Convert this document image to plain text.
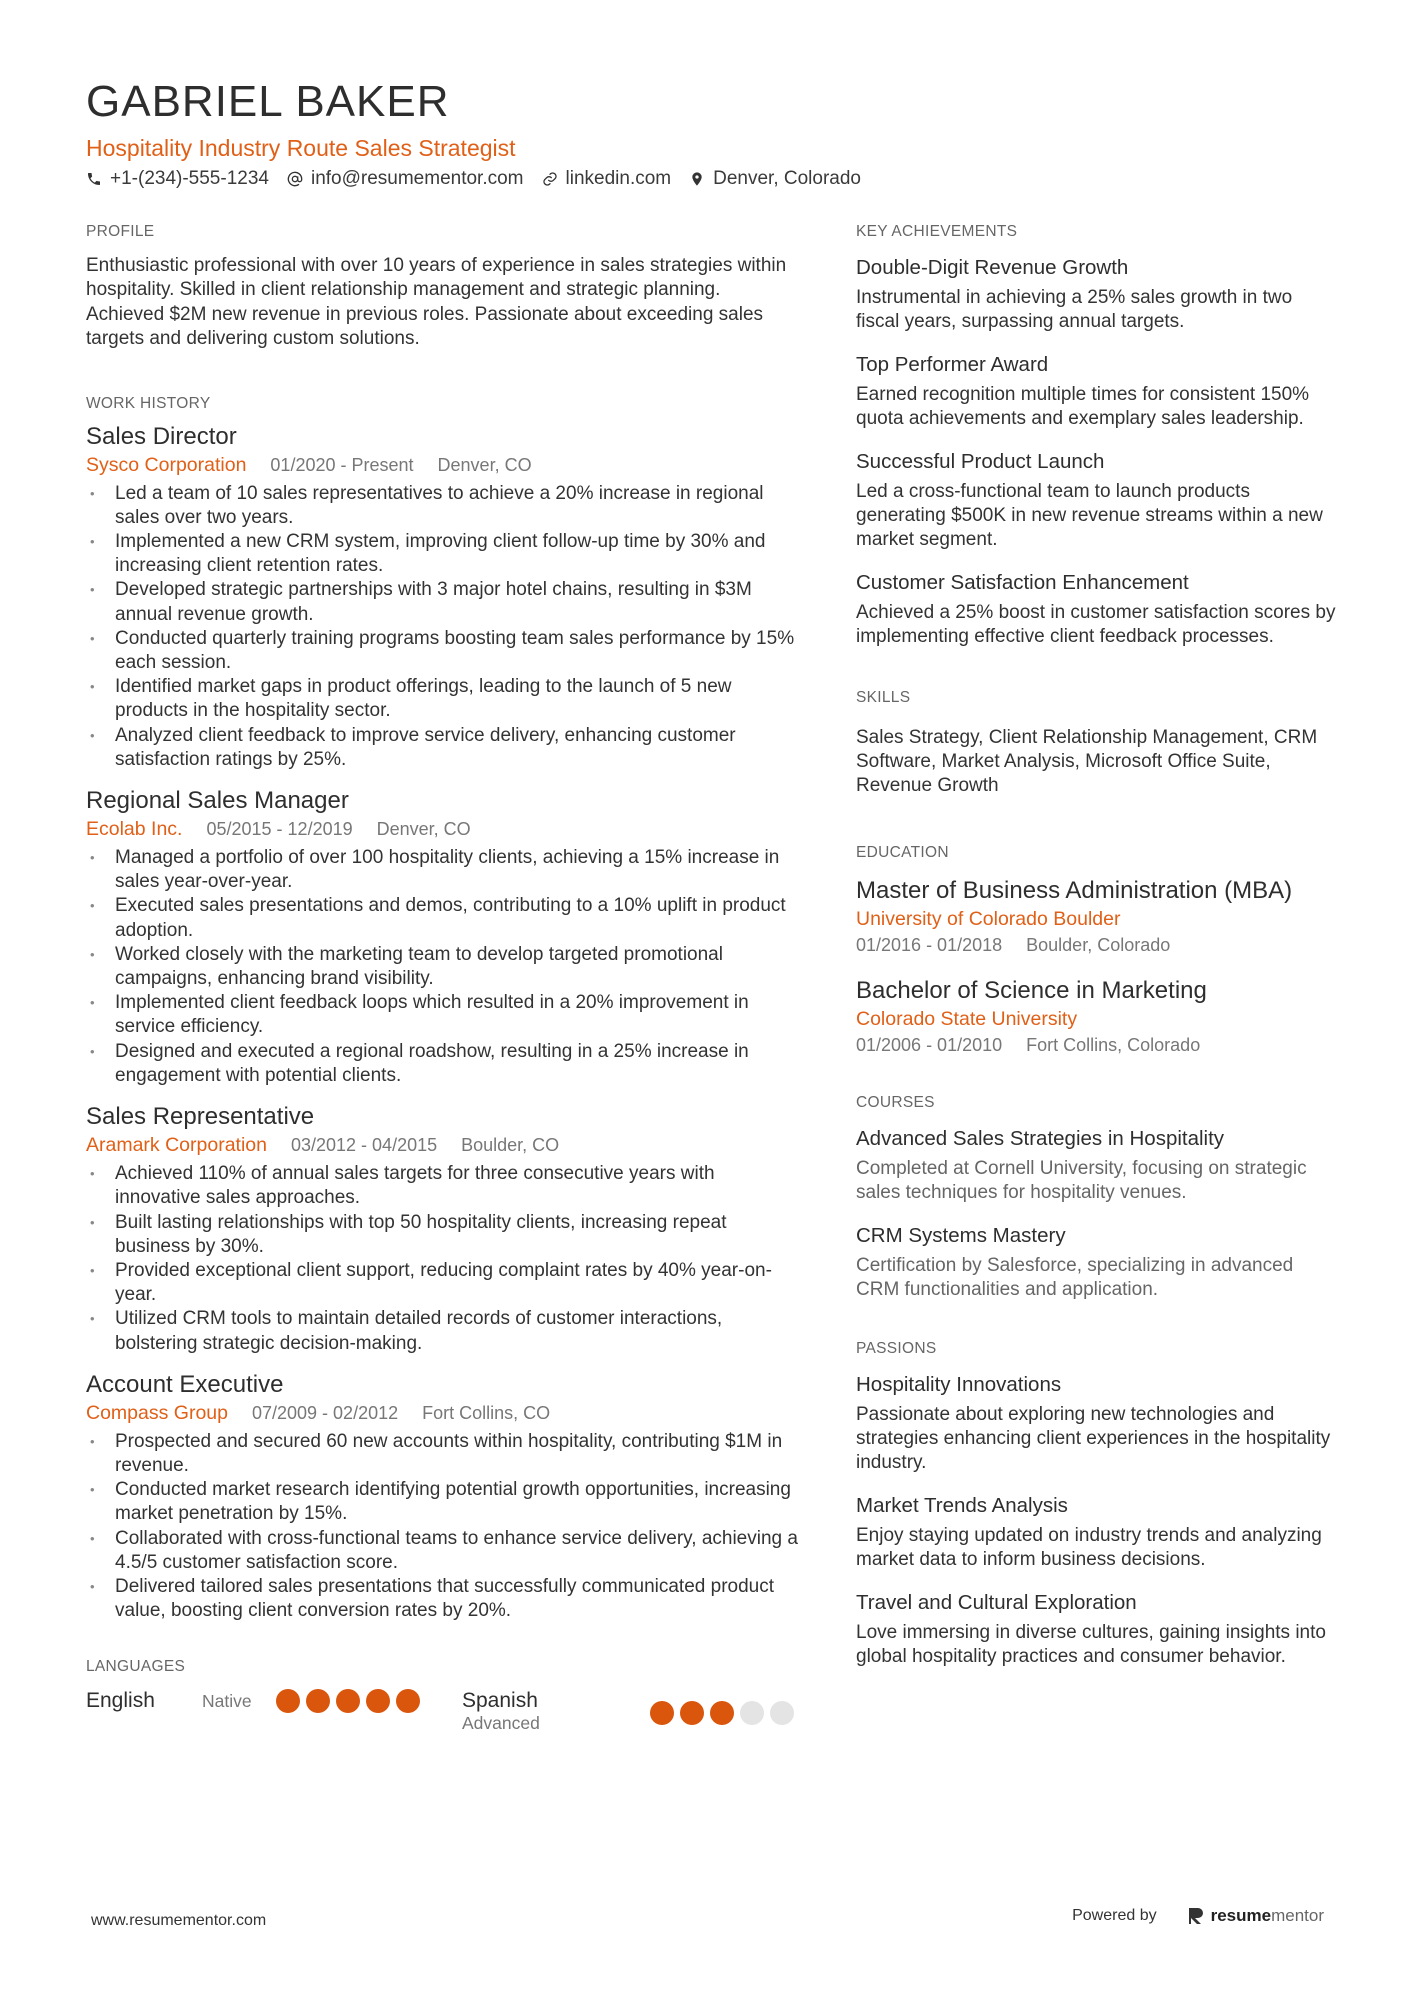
GABRIEL BAKER
Hospitality Industry Route Sales Strategist
+1-(234)-555-1234 info@resumementor.com linkedin.com Denver, Colorado
PROFILE

Enthusiastic professional with over 10 years of experience in sales strategies within hospitality. Skilled in client relationship management and strategic planning. Achieved $2M new revenue in previous roles. Passionate about exceeding sales targets and delivering custom solutions.

WORK HISTORY
Sales Director
Sysco Corporation 01/2020 - Present Denver, CO
• Led a team of 10 sales representatives to achieve a 20% increase in regional sales over two years.
• Implemented a new CRM system, improving client follow-up time by 30% and increasing client retention rates.
• Developed strategic partnerships with 3 major hotel chains, resulting in $3M annual revenue growth.
• Conducted quarterly training programs boosting team sales performance by 15% each session.
• Identified market gaps in product offerings, leading to the launch of 5 new products in the hospitality sector.
• Analyzed client feedback to improve service delivery, enhancing customer satisfaction ratings by 25%.
Regional Sales Manager
Ecolab Inc. 05/2015 - 12/2019 Denver, CO
• Managed a portfolio of over 100 hospitality clients, achieving a 15% increase in sales year-over-year.
• Executed sales presentations and demos, contributing to a 10% uplift in product adoption.
• Worked closely with the marketing team to develop targeted promotional campaigns, enhancing brand visibility.
• Implemented client feedback loops which resulted in a 20% improvement in service efficiency.
• Designed and executed a regional roadshow, resulting in a 25% increase in engagement with potential clients.
Sales Representative
Aramark Corporation 03/2012 - 04/2015 Boulder, CO
• Achieved 110% of annual sales targets for three consecutive years with innovative sales approaches.
• Built lasting relationships with top 50 hospitality clients, increasing repeat business by 30%.
• Provided exceptional client support, reducing complaint rates by 40% year-on-year.
• Utilized CRM tools to maintain detailed records of customer interactions, bolstering strategic decision-making.
Account Executive
Compass Group 07/2009 - 02/2012 Fort Collins, CO
• Prospected and secured 60 new accounts within hospitality, contributing $1M in revenue.
• Conducted market research identifying potential growth opportunities, increasing market penetration by 15%.
• Collaborated with cross-functional teams to enhance service delivery, achieving a 4.5/5 customer satisfaction score.
• Delivered tailored sales presentations that successfully communicated product value, boosting client conversion rates by 20%.
LANGUAGES
English	Native	Spanish
Advanced
KEY ACHIEVEMENTS
Double-Digit Revenue Growth
Instrumental in achieving a 25% sales growth in two fiscal years, surpassing annual targets.
Top Performer Award
Earned recognition multiple times for consistent 150% quota achievements and exemplary sales leadership.
Successful Product Launch
Led a cross-functional team to launch products generating $500K in new revenue streams within a new market segment.
Customer Satisfaction Enhancement
Achieved a 25% boost in customer satisfaction scores by implementing effective client feedback processes.
SKILLS

Sales Strategy, Client Relationship Management, CRM Software, Market Analysis, Microsoft Office Suite, Revenue Growth

EDUCATION
Master of Business Administration (MBA)
University of Colorado Boulder
01/2016 - 01/2018 Boulder, Colorado
Bachelor of Science in Marketing
Colorado State University
01/2006 - 01/2010 Fort Collins, Colorado
COURSES
Advanced Sales Strategies in Hospitality
Completed at Cornell University, focusing on strategic sales techniques for hospitality venues.
CRM Systems Mastery
Certification by Salesforce, specializing in advanced CRM functionalities and application.
PASSIONS
Hospitality Innovations
Passionate about exploring new technologies and strategies enhancing client experiences in the hospitality industry.
Market Trends Analysis
Enjoy staying updated on industry trends and analyzing market data to inform business decisions.
Travel and Cultural Exploration
Love immersing in diverse cultures, gaining insights into global hospitality practices and consumer behavior.
www.resumementor.com	Powered by	resumementor
